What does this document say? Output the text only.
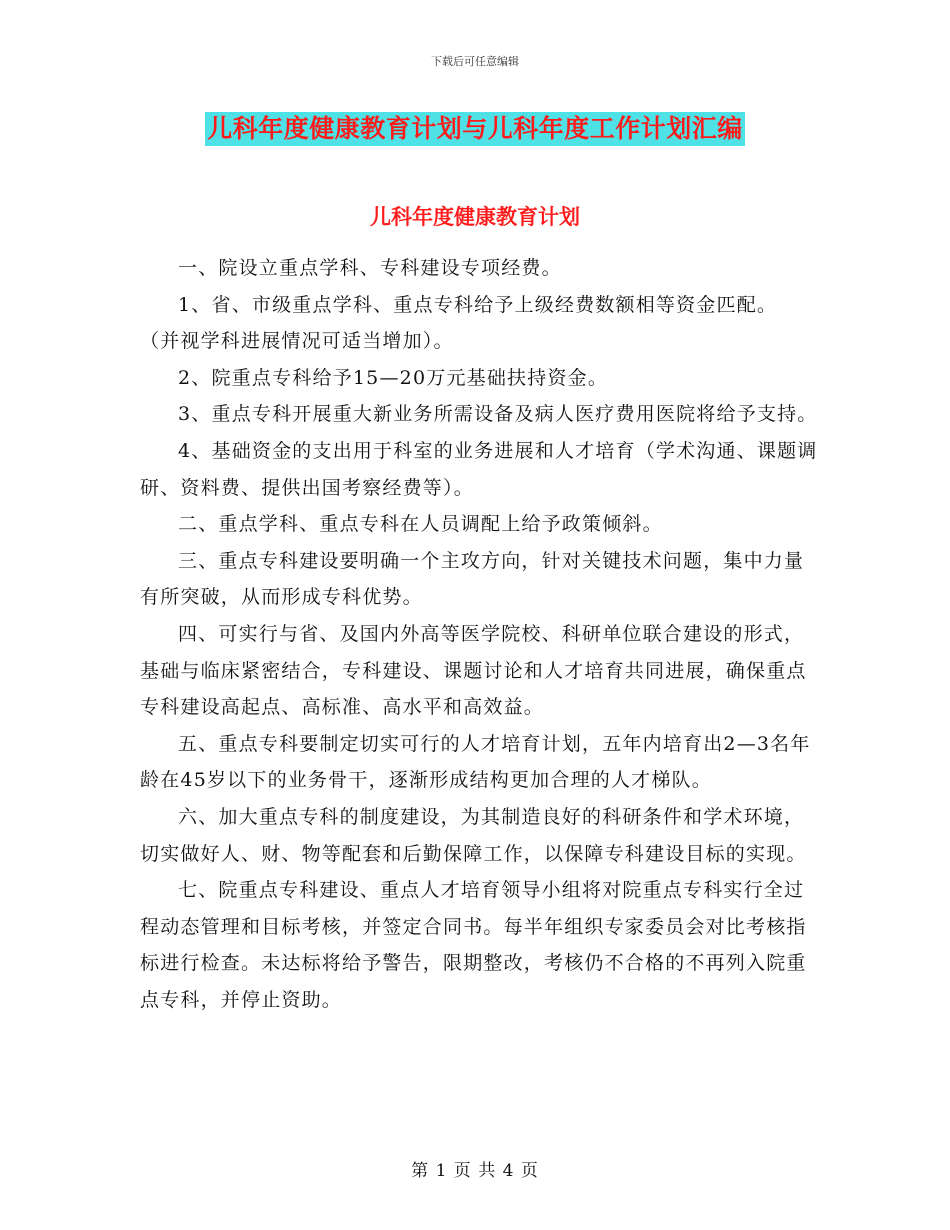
下载后可任意编辑
儿科年度健康教育计划与儿科年度工作计划汇编
儿科年度健康教育计划

一、院设立重点学科、专科建设专项经费。

1、省、市级重点学科、重点专科给予上级经费数额相等资金匹配。

（并视学科进展情况可适当增加）。

2、院重点专科给予15—20万元基础扶持资金。

3、重点专科开展重大新业务所需设备及病人医疗费用医院将给予支持。

4、基础资金的支出用于科室的业务进展和人才培育（学术沟通、课题调研、资料费、提供出国考察经费等）。

二、重点学科、重点专科在人员调配上给予政策倾斜。

三、重点专科建设要明确一个主攻方向，针对关键技术问题，集中力量有所突破，从而形成专科优势。

四、可实行与省、及国内外高等医学院校、科研单位联合建设的形式，基础与临床紧密结合，专科建设、课题讨论和人才培育共同进展，确保重点专科建设高起点、高标准、高水平和高效益。

五、重点专科要制定切实可行的人才培育计划，五年内培育出2—3名年龄在45岁以下的业务骨干，逐渐形成结构更加合理的人才梯队。

六、加大重点专科的制度建设，为其制造良好的科研条件和学术环境，切实做好人、财、物等配套和后勤保障工作，以保障专科建设目标的实现。

七、院重点专科建设、重点人才培育领导小组将对院重点专科实行全过程动态管理和目标考核，并签定合同书。每半年组织专家委员会对比考核指标进行检查。未达标将给予警告，限期整改，考核仍不合格的不再列入院重点专科，并停止资助。

第 1 页 共 4 页
